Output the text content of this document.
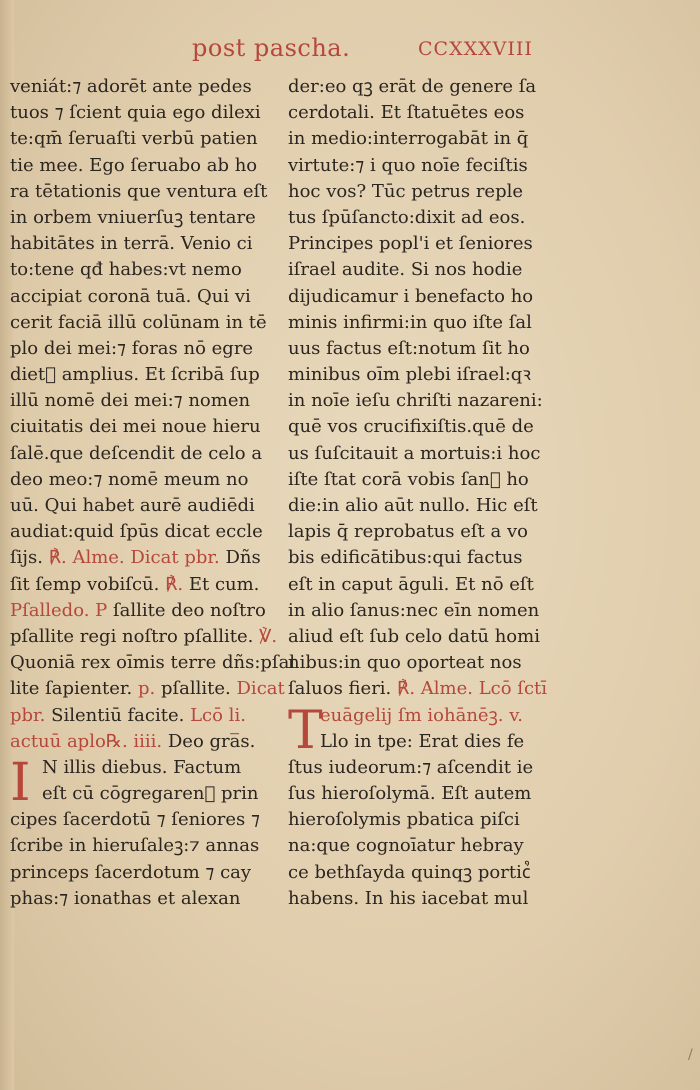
post pascha.	CCXXXVIII
veniát:⁊ adorēt ante pedes
tuos ⁊ ſcient quia ego dilexi
te:qm̄ ſeruaſti verbū patien
tie mee. Ego ſeruabo ab ho
ra tētationis que ventura eſt
in orbem vniuerſuꝫ tentare
habitātes in terrā. Venio ci
to:tene qđ habes:vt nemo
accipiat coronā tuā. Qui vi
cerit faciā illū colūnam in tē
plo dei mei:⁊ foras nō egre
dietᷣ amplius. Et ſcribā ſup
illū nomē dei mei:⁊ nomen
ciuitatis dei mei noue hieru
ſalē.que deſcendit de celo a
deo meo:⁊ nomē meum no
uū. Qui habet aurē audiēdi
audiat:quid ſpūs dicat eccle
ſijs. ℟. Alme. Dicat pbr. Dñs
ſit ſemp vobiſcū. ℟. Et cum.
Pſalledo. P ſallite deo noſtro
pſallite regi noſtro pſallite. ℣.
Quoniā rex oīmis terre dñs:pſal
lite ſapienter. p. pſallite. Dicat
pbr. Silentiū facite. Lcō li.
actuū aplo℞. iiii. Deo gra̅s.
I N illis diebus. Factum
eſt cū cōgregarenᷣ prin
cipes ſacerdotū ⁊ ſeniores ⁊
ſcribe in hieruſaleꝫ:⁊ annas
princeps ſacerdotum ⁊ cay
phas:⁊ ionathas et alexan
der:eo qꝫ erāt de genere ſa
cerdotali. Et ſtatuētes eos
in medio:interrogabāt in q̄
virtute:⁊ i quo noīe feciſtis
hoc vos? Tūc petrus reple
tus ſpūſancto:dixit ad eos.
Principes popl'i et ſeniores
iſrael audite. Si nos hodie
dijudicamur i benefacto ho
minis infirmi:in quo iſte ſal
uus factus eſt:notum ſit ho
minibus oīm plebi iſrael:qꝛ
in noīe ieſu chriſti nazareni:
quē vos crucifixiſtis.quē de
us ſuſcitauit a mortuis:i hoc
iſte ſtat corā vobis ſan᷒ ho
die:in alio aūt nullo. Hic eſt
lapis q̄ reprobatus eſt a vo
bis edificātibus:qui factus
eſt in caput āguli. Et nō eſt
in alio ſanus:nec eīn nomen
aliud eſt ſub celo datū homi
nibus:in quo oporteat nos
ſaluos fieri. ℟. Alme. Lcō ſctī
T
euāgelij ſm iohānēꝫ. v.
Llo in tpe: Erat dies fe
ſtus iudeorum:⁊ aſcendit ie
ſus hieroſolymā. Eſt autem
hieroſolymis pbatica piſci
na:que cognoīatur hebray
ce bethſayda quinqꝫ portic᷒
habens. In his iacebat mul
/
